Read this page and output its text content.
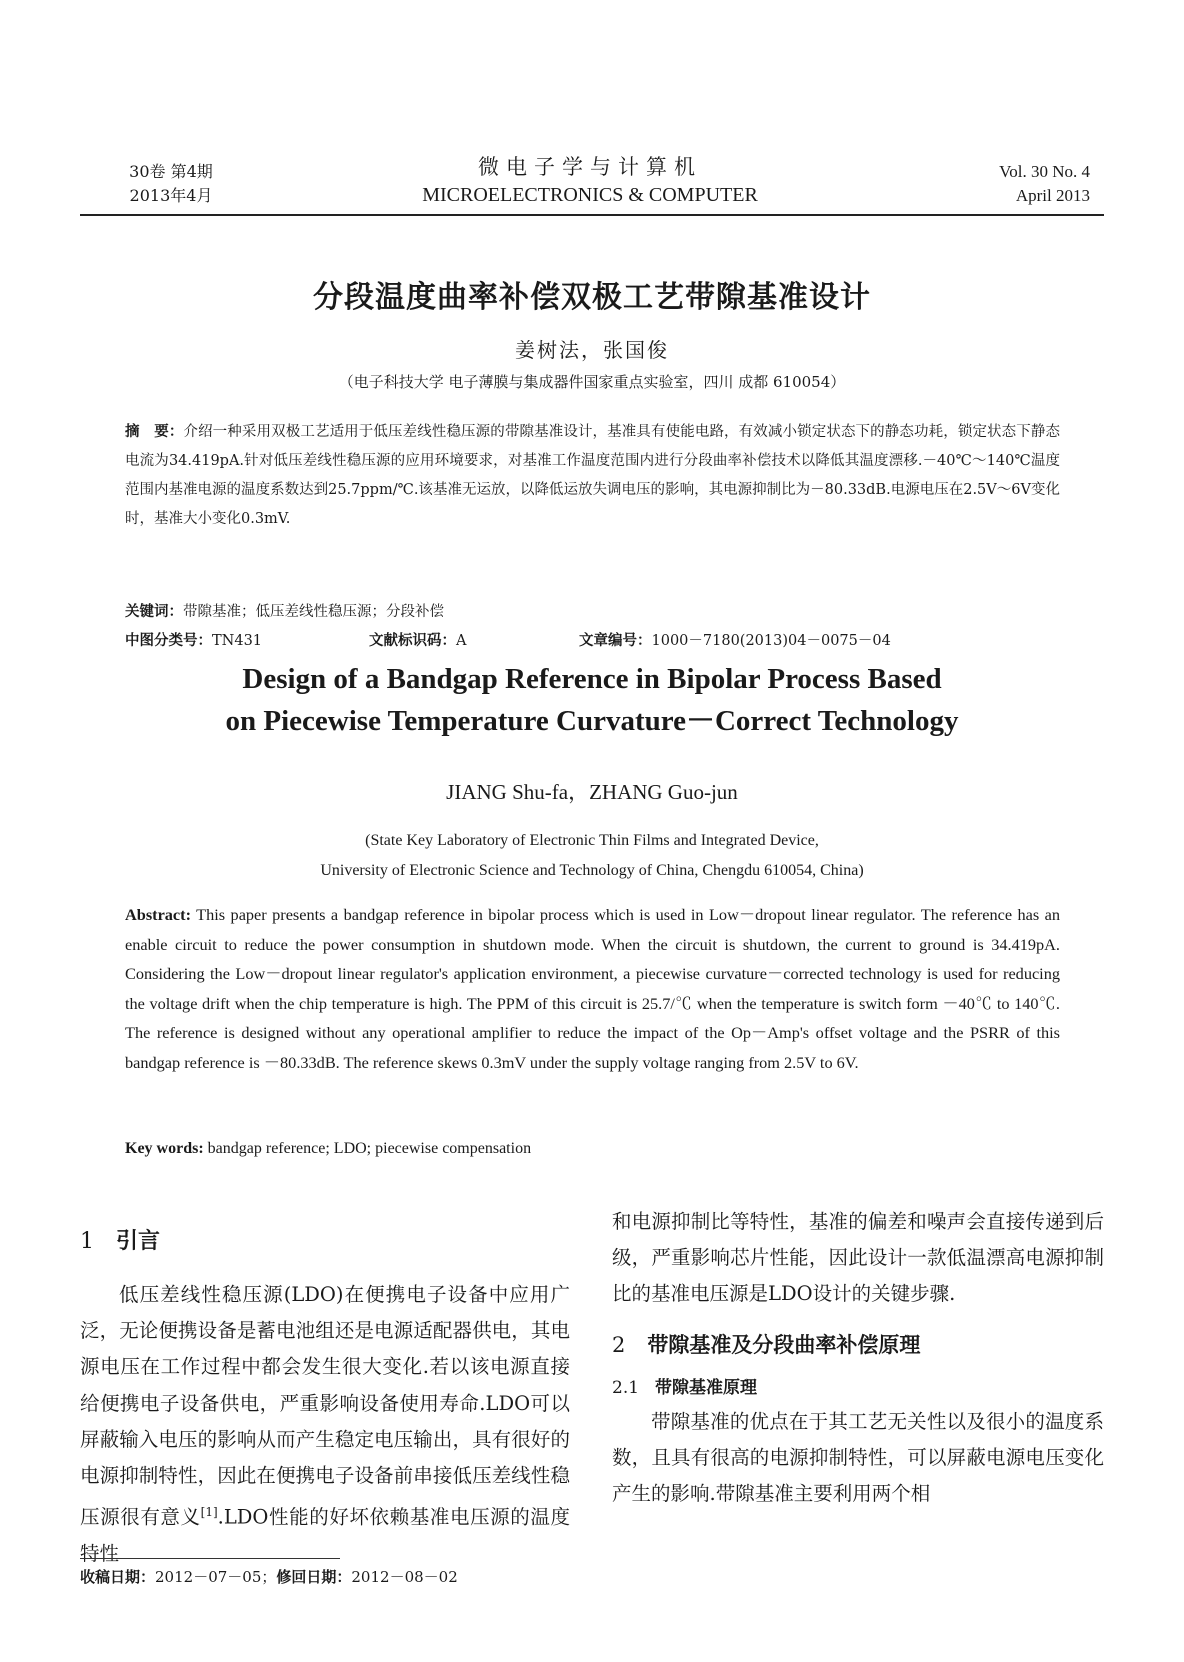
30卷 第4期
2013年4月
微电子学与计算机
MICROELECTRONICS & COMPUTER
Vol. 30 No. 4
April 2013
分段温度曲率补偿双极工艺带隙基准设计
姜树法，张国俊
（电子科技大学 电子薄膜与集成器件国家重点实验室，四川 成都 610054）
摘　要：介绍一种采用双极工艺适用于低压差线性稳压源的带隙基准设计，基准具有使能电路，有效减小锁定状态下的静态功耗，锁定状态下静态电流为34.419pA.针对低压差线性稳压源的应用环境要求，对基准工作温度范围内进行分段曲率补偿技术以降低其温度漂移.－40℃～140℃温度范围内基准电源的温度系数达到25.7ppm/℃.该基准无运放，以降低运放失调电压的影响，其电源抑制比为－80.33dB.电源电压在2.5V～6V变化时，基准大小变化0.3mV.
关键词：带隙基准；低压差线性稳压源；分段补偿
中图分类号：TN431	文献标识码：A	文章编号：1000－7180(2013)04－0075－04
Design of a Bandgap Reference in Bipolar Process Based
on Piecewise Temperature Curvature－Correct Technology
JIANG Shu-fa，ZHANG Guo-jun
(State Key Laboratory of Electronic Thin Films and Integrated Device,
University of Electronic Science and Technology of China, Chengdu 610054, China)
Abstract: This paper presents a bandgap reference in bipolar process which is used in Low－dropout linear regulator. The reference has an enable circuit to reduce the power consumption in shutdown mode. When the circuit is shutdown, the current to ground is 34.419pA. Considering the Low－dropout linear regulator's application environment, a piecewise curvature－corrected technology is used for reducing the voltage drift when the chip temperature is high. The PPM of this circuit is 25.7/℃ when the temperature is switch form －40℃ to 140℃. The reference is designed without any operational amplifier to reduce the impact of the Op－Amp's offset voltage and the PSRR of this bandgap reference is －80.33dB. The reference skews 0.3mV under the supply voltage ranging from 2.5V to 6V.
Key words: bandgap reference; LDO; piecewise compensation
1 引言

低压差线性稳压源(LDO)在便携电子设备中应用广泛，无论便携设备是蓄电池组还是电源适配器供电，其电源电压在工作过程中都会发生很大变化.若以该电源直接给便携电子设备供电，严重影响设备使用寿命.LDO可以屏蔽输入电压的影响从而产生稳定电压输出，具有很好的电源抑制特性，因此在便携电子设备前串接低压差线性稳压源很有意义[1].LDO性能的好坏依赖基准电压源的温度特性

和电源抑制比等特性，基准的偏差和噪声会直接传递到后级，严重影响芯片性能，因此设计一款低温漂高电源抑制比的基准电压源是LDO设计的关键步骤.

2 带隙基准及分段曲率补偿原理
2.1 带隙基准原理

带隙基准的优点在于其工艺无关性以及很小的温度系数，且具有很高的电源抑制特性，可以屏蔽电源电压变化产生的影响.带隙基准主要利用两个相

收稿日期：2012－07－05；修回日期：2012－08－02
